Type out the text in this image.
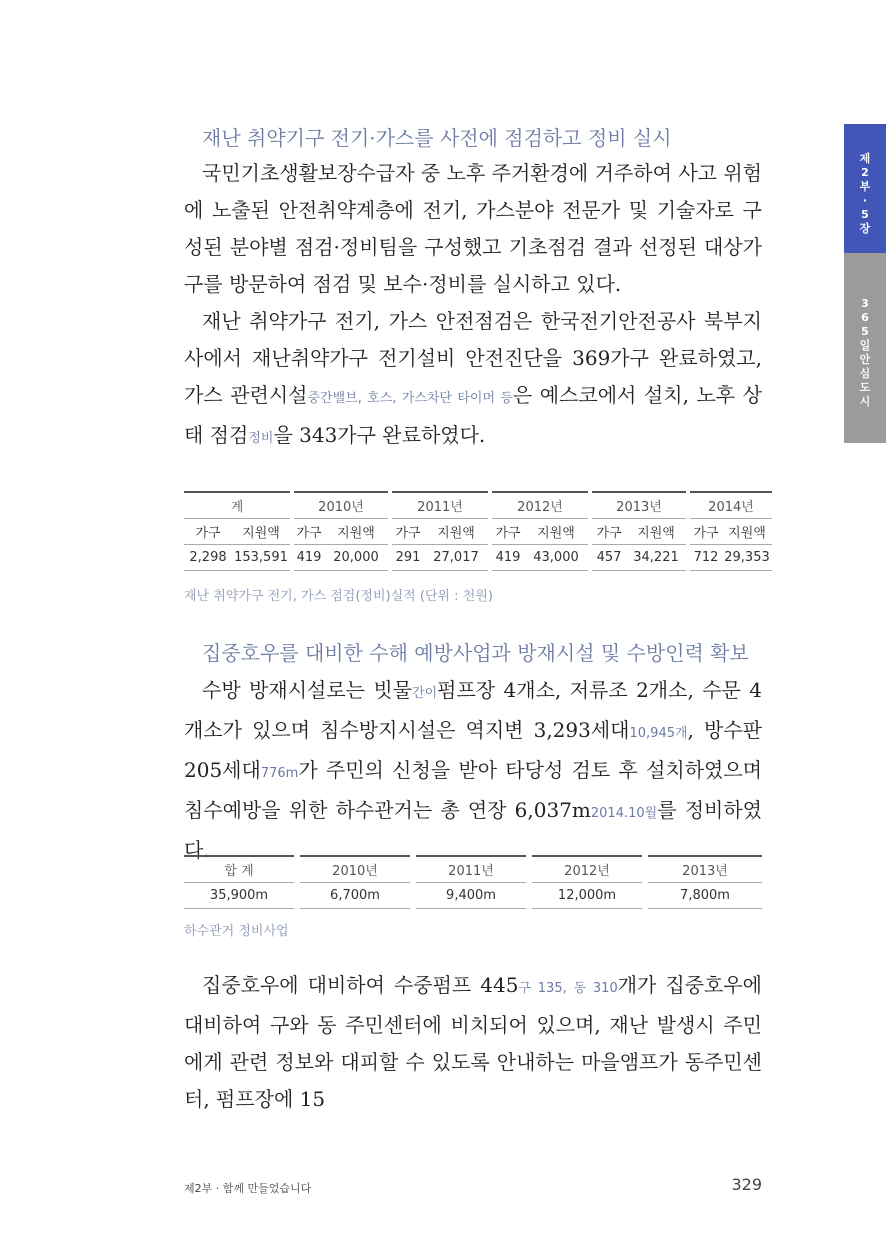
재난 취약기구 전기·가스를 사전에 점검하고 정비 실시

국민기초생활보장수급자 중 노후 주거환경에 거주하여 사고 위험에 노출된 안전취약계층에 전기, 가스분야 전문가 및 기술자로 구성된 분야별 점검·정비팀을 구성했고 기초점검 결과 선정된 대상가구를 방문하여 점검 및 보수·정비를 실시하고 있다.

재난 취약가구 전기, 가스 안전점검은 한국전기안전공사 북부지사에서 재난취약가구 전기설비 안전진단을 369가구 완료하였고, 가스 관련시설중간밸브, 호스, 가스차단 타이머 등은 예스코에서 설치, 노후 상태 점검정비을 343가구 완료하였다.

계			2010년			2011년			2012년			2013년			2014년	
가구	지원액		가구	지원액		가구	지원액		가구	지원액		가구	지원액		가구	지원액
2,298	153,591		419	20,000		291	27,017		419	43,000		457	34,221		712	29,353

재난 취약가구 전기, 가스 점검(정비)실적 (단위 : 천원)

집중호우를 대비한 수해 예방사업과 방재시설 및 수방인력 확보

수방 방재시설로는 빗물간이펌프장 4개소, 저류조 2개소, 수문 4개소가 있으며 침수방지시설은 역지변 3,293세대10,945개, 방수판 205세대776m가 주민의 신청을 받아 타당성 검토 후 설치하였으며 침수예방을 위한 하수관거는 총 연장 6,037m2014.10월를 정비하였다.

합 계		2010년		2011년		2012년		2013년
35,900m		6,700m		9,400m		12,000m		7,800m

하수관거 정비사업

집중호우에 대비하여 수중펌프 445구 135, 동 310개가 집중호우에 대비하여 구와 동 주민센터에 비치되어 있으며, 재난 발생시 주민에게 관련 정보와 대피할 수 있도록 안내하는 마을앰프가 동주민센터, 펌프장에 15

제
2
부
·
5
장
3
6
5
일
안
심
도
시

제2부 · 함께 만들었습니다	329
